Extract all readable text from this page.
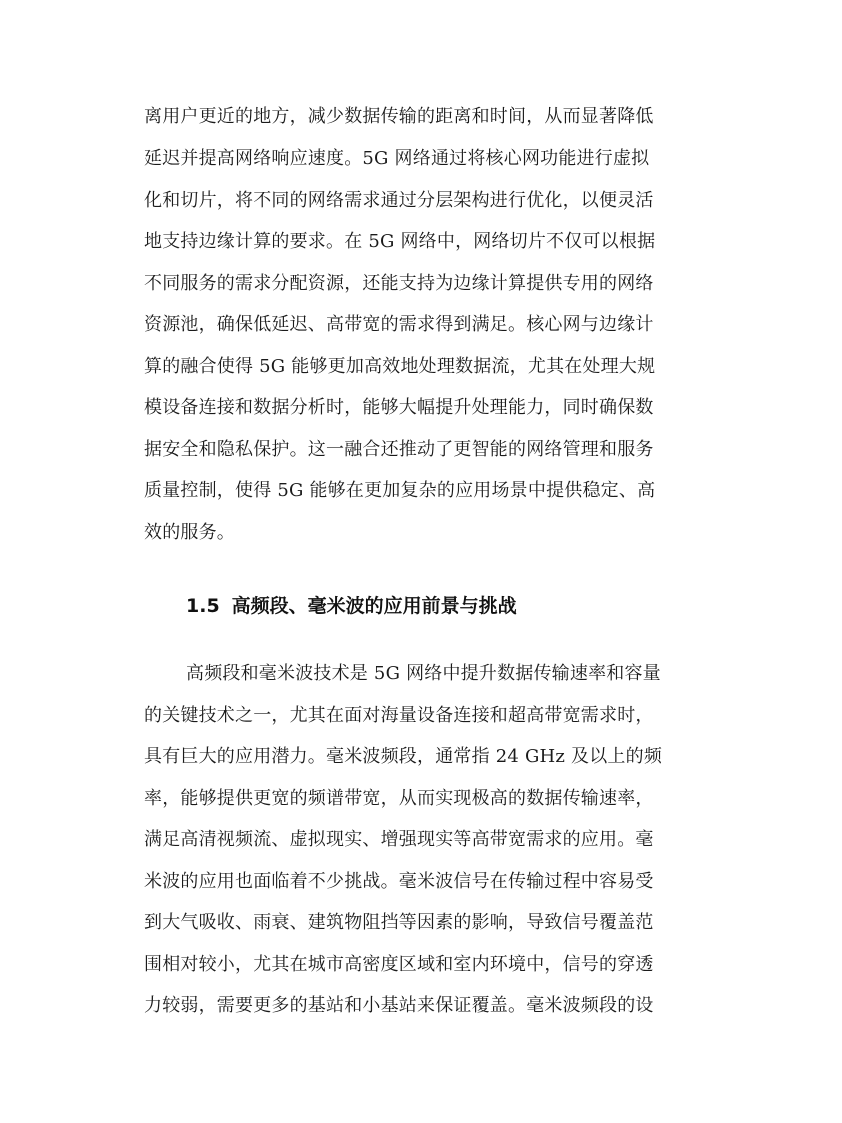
离用户更近的地方，减少数据传输的距离和时间，从而显著降低
延迟并提高网络响应速度。5G 网络通过将核心网功能进行虚拟
化和切片，将不同的网络需求通过分层架构进行优化，以便灵活
地支持边缘计算的要求。在 5G 网络中，网络切片不仅可以根据
不同服务的需求分配资源，还能支持为边缘计算提供专用的网络
资源池，确保低延迟、高带宽的需求得到满足。核心网与边缘计
算的融合使得 5G 能够更加高效地处理数据流，尤其在处理大规
模设备连接和数据分析时，能够大幅提升处理能力，同时确保数
据安全和隐私保护。这一融合还推动了更智能的网络管理和服务
质量控制，使得 5G 能够在更加复杂的应用场景中提供稳定、高
效的服务。
1.5 高频段、毫米波的应用前景与挑战
高频段和毫米波技术是 5G 网络中提升数据传输速率和容量
的关键技术之一，尤其在面对海量设备连接和超高带宽需求时，
具有巨大的应用潜力。毫米波频段，通常指 24 GHz 及以上的频
率，能够提供更宽的频谱带宽，从而实现极高的数据传输速率，
满足高清视频流、虚拟现实、增强现实等高带宽需求的应用。毫
米波的应用也面临着不少挑战。毫米波信号在传输过程中容易受
到大气吸收、雨衰、建筑物阻挡等因素的影响，导致信号覆盖范
围相对较小，尤其在城市高密度区域和室内环境中，信号的穿透
力较弱，需要更多的基站和小基站来保证覆盖。毫米波频段的设
